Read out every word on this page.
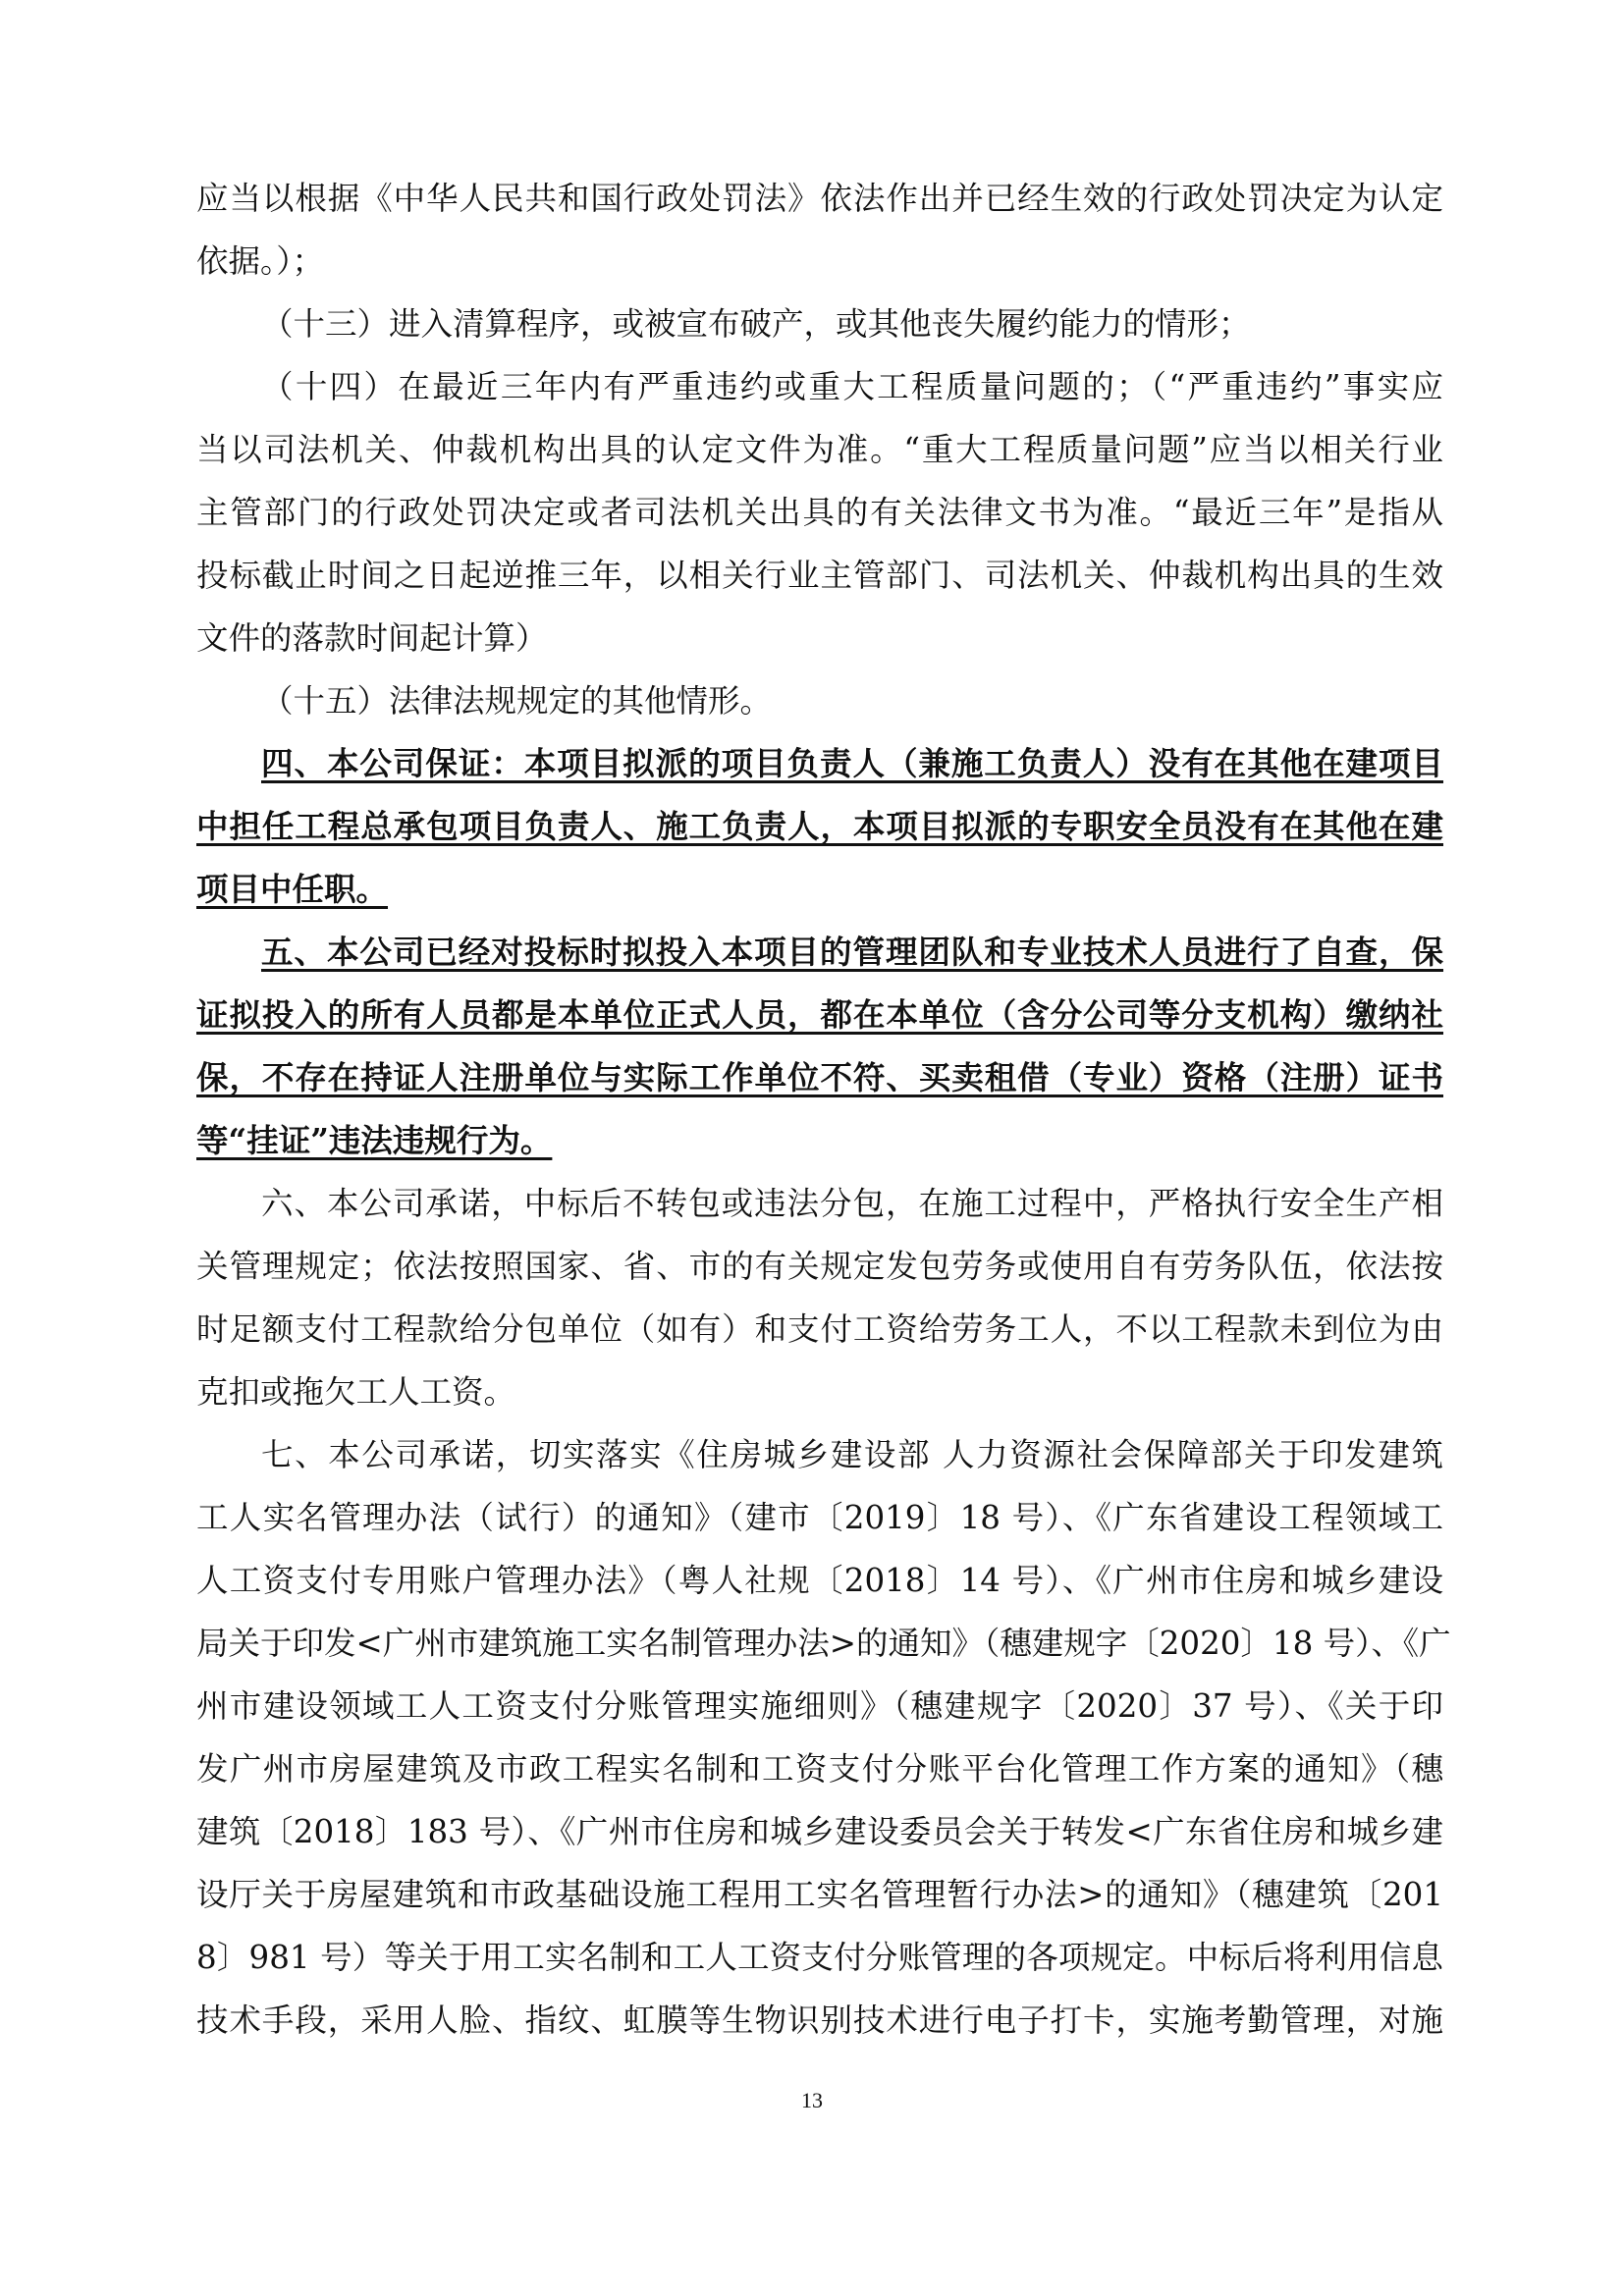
应当以根据《中华人民共和国行政处罚法》依法作出并已经生效的行政处罚决定为认定
依据。）；
（十三）进入清算程序，或被宣布破产，或其他丧失履约能力的情形；
（十四）在最近三年内有严重违约或重大工程质量问题的；（“严重违约”事实应
当以司法机关、仲裁机构出具的认定文件为准。“重大工程质量问题”应当以相关行业
主管部门的行政处罚决定或者司法机关出具的有关法律文书为准。“最近三年”是指从
投标截止时间之日起逆推三年，以相关行业主管部门、司法机关、仲裁机构出具的生效
文件的落款时间起计算）
（十五）法律法规规定的其他情形。
四、本公司保证：本项目拟派的项目负责人（兼施工负责人）没有在其他在建项目
中担任工程总承包项目负责人、施工负责人，本项目拟派的专职安全员没有在其他在建
项目中任职。
五、本公司已经对投标时拟投入本项目的管理团队和专业技术人员进行了自查，保
证拟投入的所有人员都是本单位正式人员，都在本单位（含分公司等分支机构）缴纳社
保，不存在持证人注册单位与实际工作单位不符、买卖租借（专业）资格（注册）证书
等“挂证”违法违规行为。
六、本公司承诺，中标后不转包或违法分包，在施工过程中，严格执行安全生产相
关管理规定；依法按照国家、省、市的有关规定发包劳务或使用自有劳务队伍，依法按
时足额支付工程款给分包单位（如有）和支付工资给劳务工人，不以工程款未到位为由
克扣或拖欠工人工资。
七、本公司承诺，切实落实《住房城乡建设部 人力资源社会保障部关于印发建筑
工人实名管理办法（试行）的通知》（建市〔2019〕18 号）、《广东省建设工程领域工
人工资支付专用账户管理办法》（粤人社规〔2018〕14 号）、《广州市住房和城乡建设
局关于印发<广州市建筑施工实名制管理办法>的通知》（穗建规字〔2020〕18 号）、《广
州市建设领域工人工资支付分账管理实施细则》（穗建规字〔2020〕37 号）、《关于印
发广州市房屋建筑及市政工程实名制和工资支付分账平台化管理工作方案的通知》（穗
建筑〔2018〕183 号）、《广州市住房和城乡建设委员会关于转发<广东省住房和城乡建
设厅关于房屋建筑和市政基础设施工程用工实名管理暂行办法>的通知》（穗建筑〔201
8〕981 号）等关于用工实名制和工人工资支付分账管理的各项规定。中标后将利用信息
技术手段，采用人脸、指纹、虹膜等生物识别技术进行电子打卡，实施考勤管理，对施
13
